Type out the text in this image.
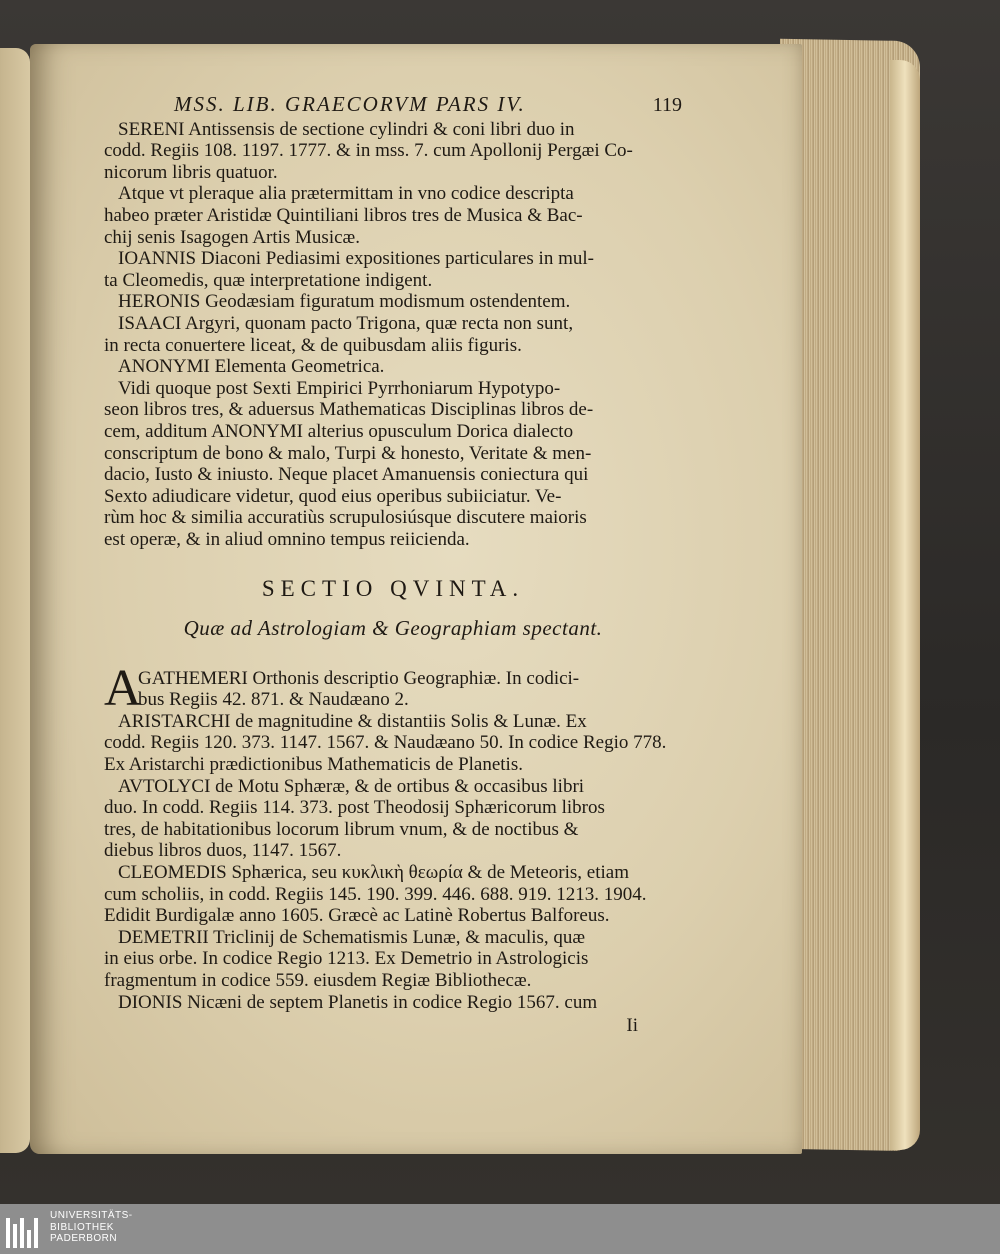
MSS. LIB. GRAECORVM PARS IV.	119
SERENI Antissensis de sectione cylindri & coni libri duo in
codd. Regiis 108. 1197. 1777. & in mss. 7. cum Apollonij Pergæi Co-
nicorum libris quatuor.
Atque vt pleraque alia prætermittam in vno codice descripta
habeo præter Aristidæ Quintiliani libros tres de Musica & Bac-
chij senis Isagogen Artis Musicæ.
IOANNIS Diaconi Pediasimi expositiones particulares in mul-
ta Cleomedis, quæ interpretatione indigent.
HERONIS Geodæsiam figuratum modismum ostendentem.
ISAACI Argyri, quonam pacto Trigona, quæ recta non sunt,
in recta conuertere liceat, & de quibusdam aliis figuris.
ANONYMI Elementa Geometrica.
Vidi quoque post Sexti Empirici Pyrrhoniarum Hypotypo-
seon libros tres, & aduersus Mathematicas Disciplinas libros de-
cem, additum ANONYMI alterius opusculum Dorica dialecto
conscriptum de bono & malo, Turpi & honesto, Veritate & men-
dacio, Iusto & iniusto. Neque placet Amanuensis coniectura qui
Sexto adiudicare videtur, quod eius operibus subiiciatur. Ve-
rùm hoc & similia accuratiùs scrupulosiúsque discutere maioris
est operæ, & in aliud omnino tempus reiicienda.
SECTIO QVINTA.
Quæ ad Astrologiam & Geographiam spectant.
A
GATHEMERI Orthonis descriptio Geographiæ. In codici-
bus Regiis 42. 871. & Naudæano 2.
ARISTARCHI de magnitudine & distantiis Solis & Lunæ. Ex
codd. Regiis 120. 373. 1147. 1567. & Naudæano 50. In codice Regio 778.
Ex Aristarchi prædictionibus Mathematicis de Planetis.
AVTOLYCI de Motu Sphæræ, & de ortibus & occasibus libri
duo. In codd. Regiis 114. 373. post Theodosij Sphæricorum libros
tres, de habitationibus locorum librum vnum, & de noctibus &
diebus libros duos, 1147. 1567.
CLEOMEDIS Sphærica, seu κυκλικὴ θεωρία & de Meteoris, etiam
cum scholiis, in codd. Regiis 145. 190. 399. 446. 688. 919. 1213. 1904.
Edidit Burdigalæ anno 1605. Græcè ac Latinè Robertus Balforeus.
DEMETRII Triclinij de Schematismis Lunæ, & maculis, quæ
in eius orbe. In codice Regio 1213. Ex Demetrio in Astrologicis
fragmentum in codice 559. eiusdem Regiæ Bibliothecæ.
DIONIS Nicæni de septem Planetis in codice Regio 1567. cum
Ii
UNIVERSITÄTS-
BIBLIOTHEK
PADERBORN
